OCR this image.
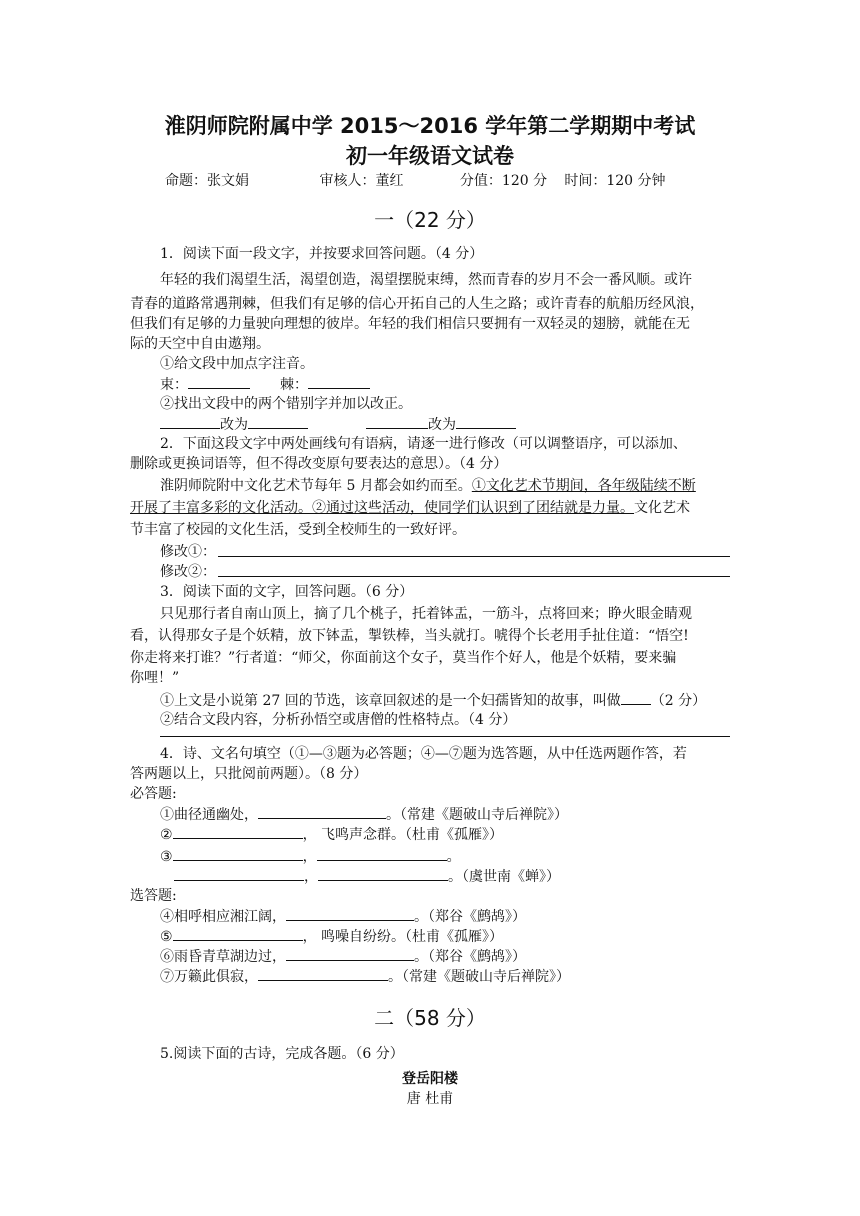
淮阴师院附属中学 2015～2016 学年第二学期期中考试
初一年级语文试卷
命题：张文娟	审核人：董红	分值：120 分 时间：120 分钟
一（22 分）
1．阅读下面一段文字，并按要求回答问题。（4 分）
年轻的我们渴望生活，渴望创造，渴望摆脱束缚，然而青春的岁月不会一番风顺。或许
青春的道路常遇荆棘，但我们有足够的信心开拓自己的人生之路；或许青春的航船历经风浪，
但我们有足够的力量驶向理想的彼岸。年轻的我们相信只要拥有一双轻灵的翅膀，就能在无
际的天空中自由遨翔。
①给文段中加点字注音。
束：	棘：
②找出文段中的两个错别字并加以改正。
改为	改为
2．下面这段文字中两处画线句有语病，请逐一进行修改（可以调整语序，可以添加、
删除或更换词语等，但不得改变原句要表达的意思）。（4 分）
淮阴师院附中文化艺术节每年 5 月都会如约而至。①文化艺术节期间，各年级陆续不断
开展了丰富多彩的文化活动。②通过这些活动，使同学们认识到了团结就是力量。文化艺术
节丰富了校园的文化生活，受到全校师生的一致好评。
修改①：
修改②：
3．阅读下面的文字，回答问题。（6 分）
只见那行者自南山顶上，摘了几个桃子，托着钵盂，一筋斗，点将回来；睁火眼金睛观
看，认得那女子是个妖精，放下钵盂，掣铁棒，当头就打。唬得个长老用手扯住道：“悟空!
你走将来打谁？”行者道：“师父，你面前这个女子，莫当作个好人，他是个妖精，要来骗
你哩！”
①上文是小说第 27 回的节选，该章回叙述的是一个妇孺皆知的故事，叫做 （2 分）
②结合文段内容，分析孙悟空或唐僧的性格特点。（4 分）
4．诗、文名句填空（①—③题为必答题；④—⑦题为选答题，从中任选两题作答，若
答两题以上，只批阅前两题）。（8 分）
必答题:
①曲径通幽处，	。（常建《题破山寺后禅院》）
②	， 飞鸣声念群。（杜甫《孤雁》）
③	，	。
，	。（虞世南《蝉》）
选答题:
④相呼相应湘江阔，	。（郑谷《鹧鸪》）
⑤	， 鸣噪自纷纷。（杜甫《孤雁》）
⑥雨昏青草湖边过，	。（郑谷《鹧鸪》）
⑦万籁此俱寂，	。（常建《题破山寺后禅院》）
二（58 分）
5.阅读下面的古诗，完成各题。（6 分）
登岳阳楼
唐 杜甫
